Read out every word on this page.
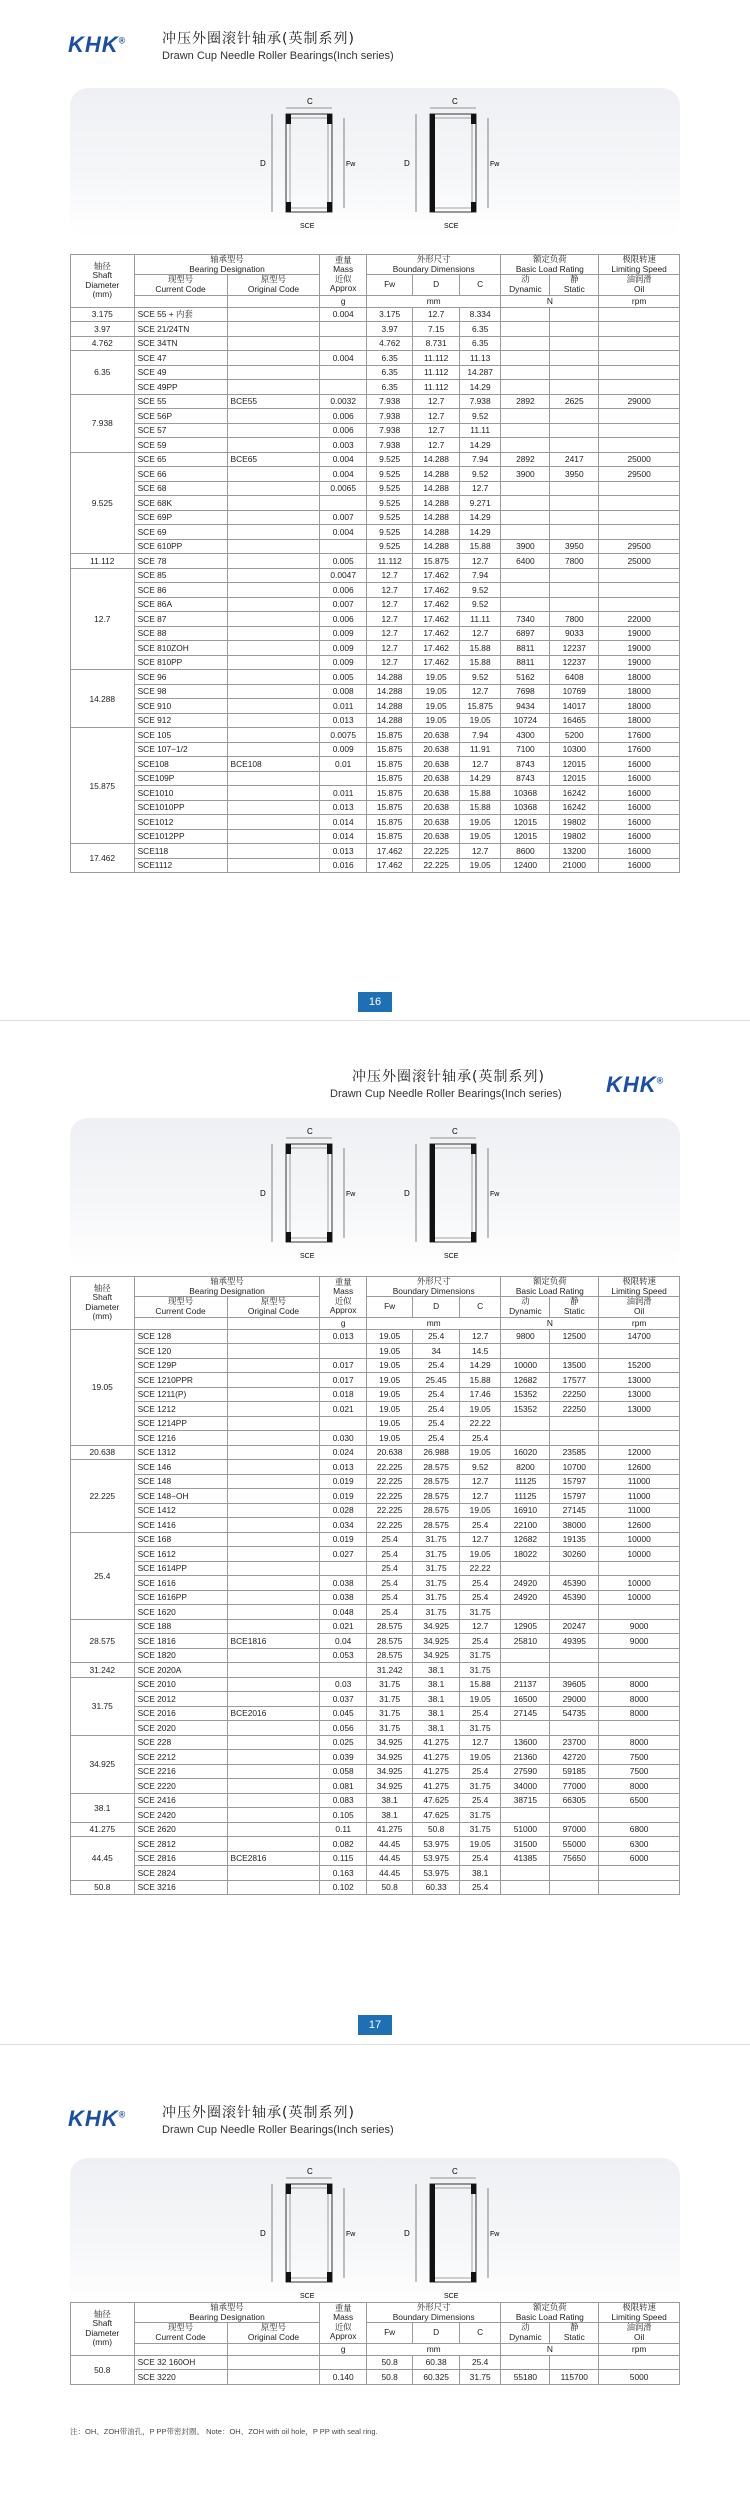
KHK®	冲压外圈滚针轴承(英制系列)
Drawn Cup Needle Roller Bearings(Inch series)
C
D	Fw
SCE
C
D	Fw
SCE
轴径
Shaft
Diameter
(mm)	轴承型号
Bearing Designation		重量
Mass
近似
Approx	外形尺寸
Boundary Dimensions			额定负荷
Basic Load Rating		极限转速
Limiting Speed
	现型号
Current Code	原型号
Original Code		Fw	D	C	动
Dynamic	静
Static	油润滑
Oil
			g	mm			N		rpm
3.175	SCE 55 + 内套		0.004	3.175	12.7	8.334			
3.97	SCE 21/24TN			3.97	7.15	6.35			
4.762	SCE 34TN			4.762	8.731	6.35			
6.35	SCE 47		0.004	6.35	11.112	11.13			
	SCE 49			6.35	11.112	14.287			
	SCE 49PP			6.35	11.112	14.29			
7.938	SCE 55	BCE55	0.0032	7.938	12.7	7.938	2892	2625	29000
	SCE 56P		0.006	7.938	12.7	9.52			
	SCE 57		0.006	7.938	12.7	11.11			
	SCE 59		0.003	7.938	12.7	14.29			
9.525	SCE 65	BCE65	0.004	9.525	14.288	7.94	2892	2417	25000
	SCE 66		0.004	9.525	14.288	9.52	3900	3950	29500
	SCE 68		0.0065	9.525	14.288	12.7			
	SCE 68K			9.525	14.288	9.271			
	SCE 69P		0.007	9.525	14.288	14.29			
	SCE 69		0.004	9.525	14.288	14.29			
	SCE 610PP			9.525	14.288	15.88	3900	3950	29500
11.112	SCE 78		0.005	11.112	15.875	12.7	6400	7800	25000
12.7	SCE 85		0.0047	12.7	17.462	7.94			
	SCE 86		0.006	12.7	17.462	9.52			
	SCE 86A		0.007	12.7	17.462	9.52			
	SCE 87		0.006	12.7	17.462	11.11	7340	7800	22000
	SCE 88		0.009	12.7	17.462	12.7	6897	9033	19000
	SCE 810ZOH		0.009	12.7	17.462	15.88	8811	12237	19000
	SCE 810PP		0.009	12.7	17.462	15.88	8811	12237	19000
14.288	SCE 96		0.005	14.288	19.05	9.52	5162	6408	18000
	SCE 98		0.008	14.288	19.05	12.7	7698	10769	18000
	SCE 910		0.011	14.288	19.05	15.875	9434	14017	18000
	SCE 912		0.013	14.288	19.05	19.05	10724	16465	18000
15.875	SCE 105		0.0075	15.875	20.638	7.94	4300	5200	17600
	SCE 107−1/2		0.009	15.875	20.638	11.91	7100	10300	17600
	SCE108	BCE108	0.01	15.875	20.638	12.7	8743	12015	16000
	SCE109P			15.875	20.638	14.29	8743	12015	16000
	SCE1010		0.011	15.875	20.638	15.88	10368	16242	16000
	SCE1010PP		0.013	15.875	20.638	15.88	10368	16242	16000
	SCE1012		0.014	15.875	20.638	19.05	12015	19802	16000
	SCE1012PP		0.014	15.875	20.638	19.05	12015	19802	16000
17.462	SCE118		0.013	17.462	22.225	12.7	8600	13200	16000
	SCE1112		0.016	17.462	22.225	19.05	12400	21000	16000
16
冲压外圈滚针轴承(英制系列)
Drawn Cup Needle Roller Bearings(Inch series) KHK®
C
D	Fw
SCE
C
D	Fw
SCE
轴径
Shaft
Diameter
(mm)	轴承型号
Bearing Designation		重量
Mass
近似
Approx	外形尺寸
Boundary Dimensions			额定负荷
Basic Load Rating		极限转速
Limiting Speed
	现型号
Current Code	原型号
Original Code		Fw	D	C	动
Dynamic	静
Static	油润滑
Oil
			g	mm			N		rpm
19.05	SCE 128		0.013	19.05	25.4	12.7	9800	12500	14700
	SCE 120			19.05	34	14.5			
	SCE 129P		0.017	19.05	25.4	14.29	10000	13500	15200
	SCE 1210PPR		0.017	19.05	25.45	15.88	12682	17577	13000
	SCE 1211(P)		0.018	19.05	25.4	17.46	15352	22250	13000
	SCE 1212		0.021	19.05	25.4	19.05	15352	22250	13000
	SCE 1214PP			19.05	25.4	22.22			
	SCE 1216		0.030	19.05	25.4	25.4			
20.638	SCE 1312		0.024	20.638	26.988	19.05	16020	23585	12000
22.225	SCE 146		0.013	22.225	28.575	9.52	8200	10700	12600
	SCE 148		0.019	22.225	28.575	12.7	11125	15797	11000
	SCE 148−OH		0.019	22.225	28.575	12.7	11125	15797	11000
	SCE 1412		0.028	22.225	28.575	19.05	16910	27145	11000
	SCE 1416		0.034	22.225	28.575	25.4	22100	38000	12600
25.4	SCE 168		0.019	25.4	31.75	12.7	12682	19135	10000
	SCE 1612		0.027	25.4	31.75	19.05	18022	30260	10000
	SCE 1614PP			25.4	31.75	22.22			
	SCE 1616		0.038	25.4	31.75	25.4	24920	45390	10000
	SCE 1616PP		0.038	25.4	31.75	25.4	24920	45390	10000
	SCE 1620		0.048	25.4	31.75	31.75			
28.575	SCE 188		0.021	28.575	34.925	12.7	12905	20247	9000
	SCE 1816	BCE1816	0.04	28.575	34.925	25.4	25810	49395	9000
	SCE 1820		0.053	28.575	34.925	31.75			
31.242	SCE 2020A			31.242	38.1	31.75			
31.75	SCE 2010		0.03	31.75	38.1	15.88	21137	39605	8000
	SCE 2012		0.037	31.75	38.1	19.05	16500	29000	8000
	SCE 2016	BCE2016	0.045	31.75	38.1	25.4	27145	54735	8000
	SCE 2020		0.056	31.75	38.1	31.75			
34.925	SCE 228		0.025	34.925	41.275	12.7	13600	23700	8000
	SCE 2212		0.039	34.925	41.275	19.05	21360	42720	7500
	SCE 2216		0.058	34.925	41.275	25.4	27590	59185	7500
	SCE 2220		0.081	34.925	41.275	31.75	34000	77000	8000
38.1	SCE 2416		0.083	38.1	47.625	25.4	38715	66305	6500
	SCE 2420		0.105	38.1	47.625	31.75			
41.275	SCE 2620		0.11	41.275	50.8	31.75	51000	97000	6800
44.45	SCE 2812		0.082	44.45	53.975	19.05	31500	55000	6300
	SCE 2816	BCE2816	0.115	44.45	53.975	25.4	41385	75650	6000
	SCE 2824		0.163	44.45	53.975	38.1			
50.8	SCE 3216		0.102	50.8	60.33	25.4			
17
KHK®	冲压外圈滚针轴承(英制系列)
Drawn Cup Needle Roller Bearings(Inch series)
C
D	Fw
SCE
C
D	Fw
SCE
轴径
Shaft
Diameter
(mm)	轴承型号
Bearing Designation		重量
Mass
近似
Approx	外形尺寸
Boundary Dimensions			额定负荷
Basic Load Rating		极限转速
Limiting Speed
	现型号
Current Code	原型号
Original Code		Fw	D	C	动
Dynamic	静
Static	油润滑
Oil
			g	mm			N		rpm
50.8	SCE 32 160OH			50.8	60.38	25.4			
	SCE 3220		0.140	50.8	60.325	31.75	55180	115700	5000
注：OH、ZOH带油孔，P PP带密封圈。 Note：OH、ZOH with oil hole，P PP with seal ring.
